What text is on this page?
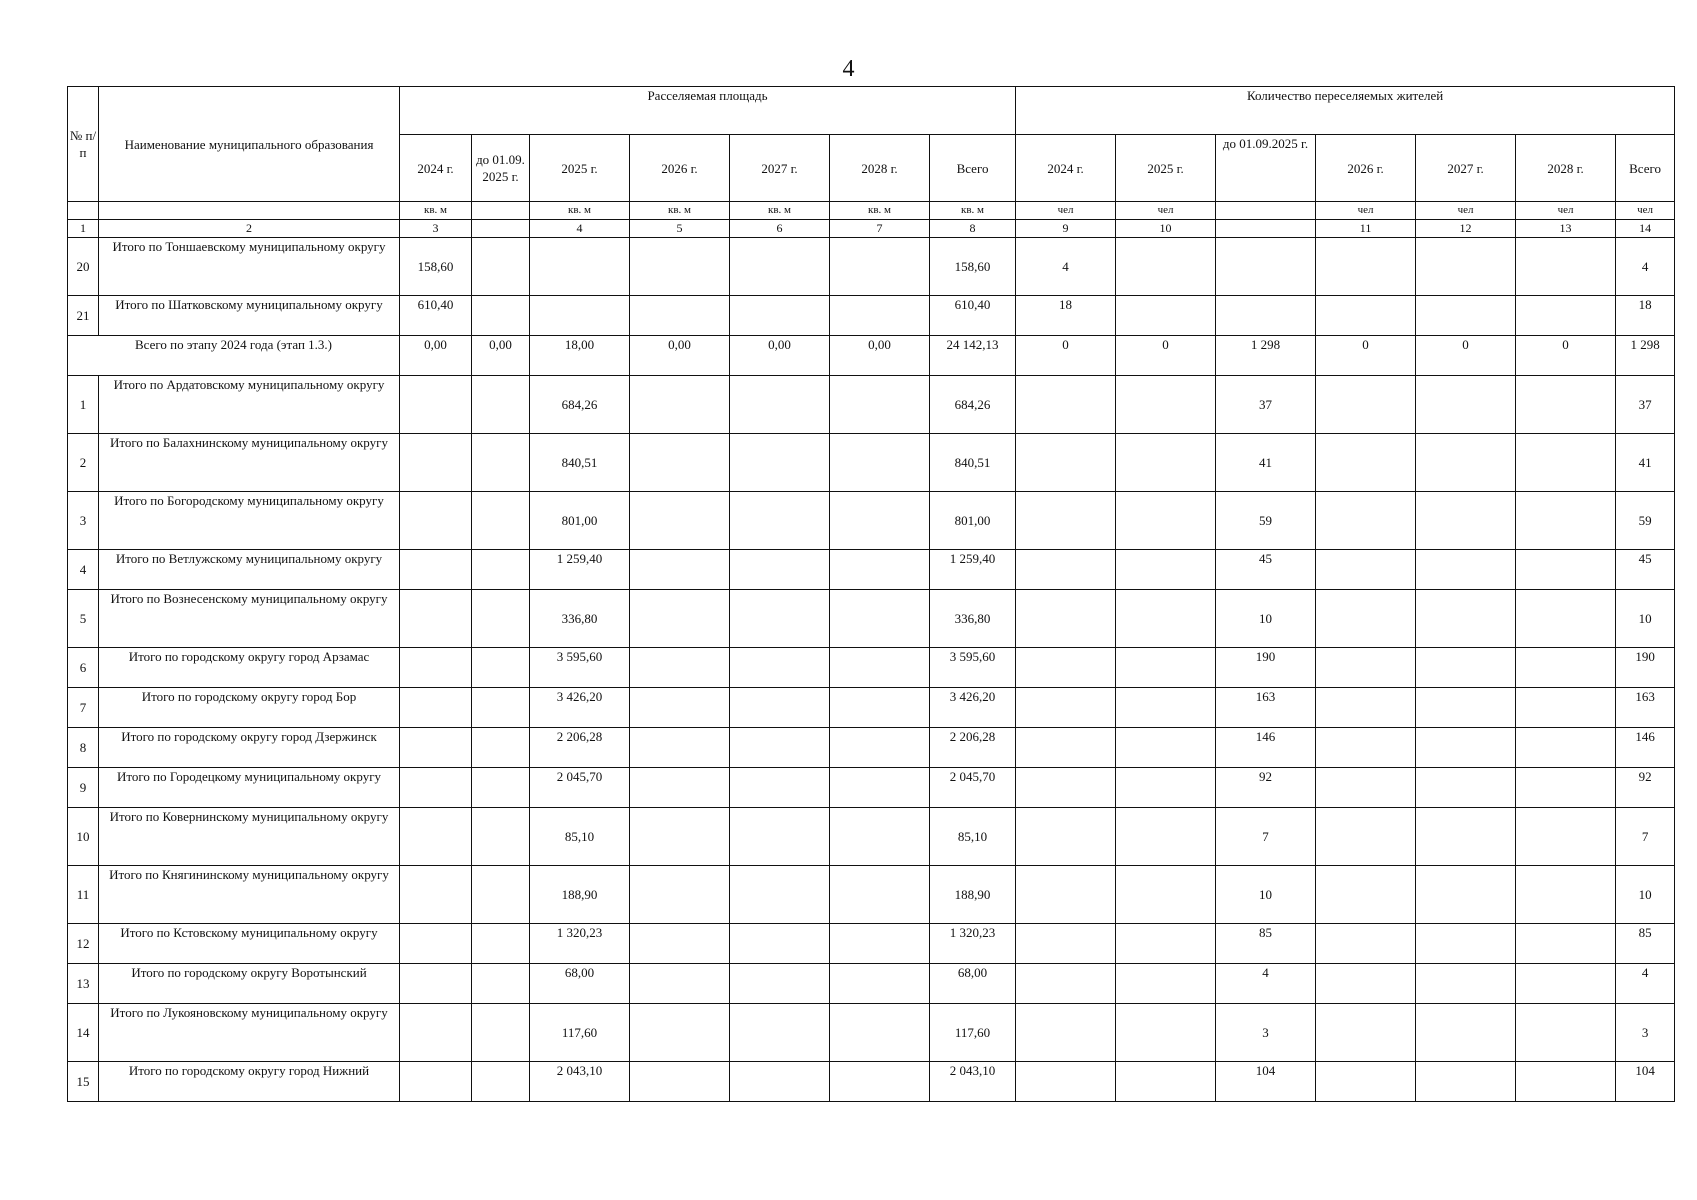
4
№ п/п	Наименование муниципального образования	Расселяемая площадь							Количество переселяемых жителей						
		2024 г.	до 01.09. 2025 г.	2025 г.	2026 г.	2027 г.	2028 г.	Всего	2024 г.	2025 г.	до 01.09.2025 г.	2026 г.	2027 г.	2028 г.	Всего
		кв. м		кв. м	кв. м	кв. м	кв. м	кв. м	чел	чел		чел	чел	чел	чел
1	2	3		4	5	6	7	8	9	10		11	12	13	14
20	Итого по Тоншаевскому муниципальному округу	158,60						158,60	4						4
21	Итого по Шатковскому муниципальному округу	610,40						610,40	18						18
Всего по этапу 2024 года (этап 1.3.)		0,00	0,00	18,00	0,00	0,00	0,00	24 142,13	0	0	1 298	0	0	0	1 298
1	Итого по Ардатовскому муниципальному округу			684,26				684,26			37				37
2	Итого по Балахнинскому муниципальному округу			840,51				840,51			41				41
3	Итого по Богородскому муниципальному округу			801,00				801,00			59				59
4	Итого по Ветлужскому муниципальному округу			1 259,40				1 259,40			45				45
5	Итого по Вознесенскому муниципальному округу			336,80				336,80			10				10
6	Итого по городскому округу город Арзамас			3 595,60				3 595,60			190				190
7	Итого по городскому округу город Бор			3 426,20				3 426,20			163				163
8	Итого по городскому округу город Дзержинск			2 206,28				2 206,28			146				146
9	Итого по Городецкому муниципальному округу			2 045,70				2 045,70			92				92
10	Итого по Ковернинскому муниципальному округу			85,10				85,10			7				7
11	Итого по Княгининскому муниципальному округу			188,90				188,90			10				10
12	Итого по Кстовскому муниципальному округу			1 320,23				1 320,23			85				85
13	Итого по городскому округу Воротынский			68,00				68,00			4				4
14	Итого по Лукояновскому муниципальному округу			117,60				117,60			3				3
15	Итого по городскому округу город Нижний			2 043,10				2 043,10			104				104
